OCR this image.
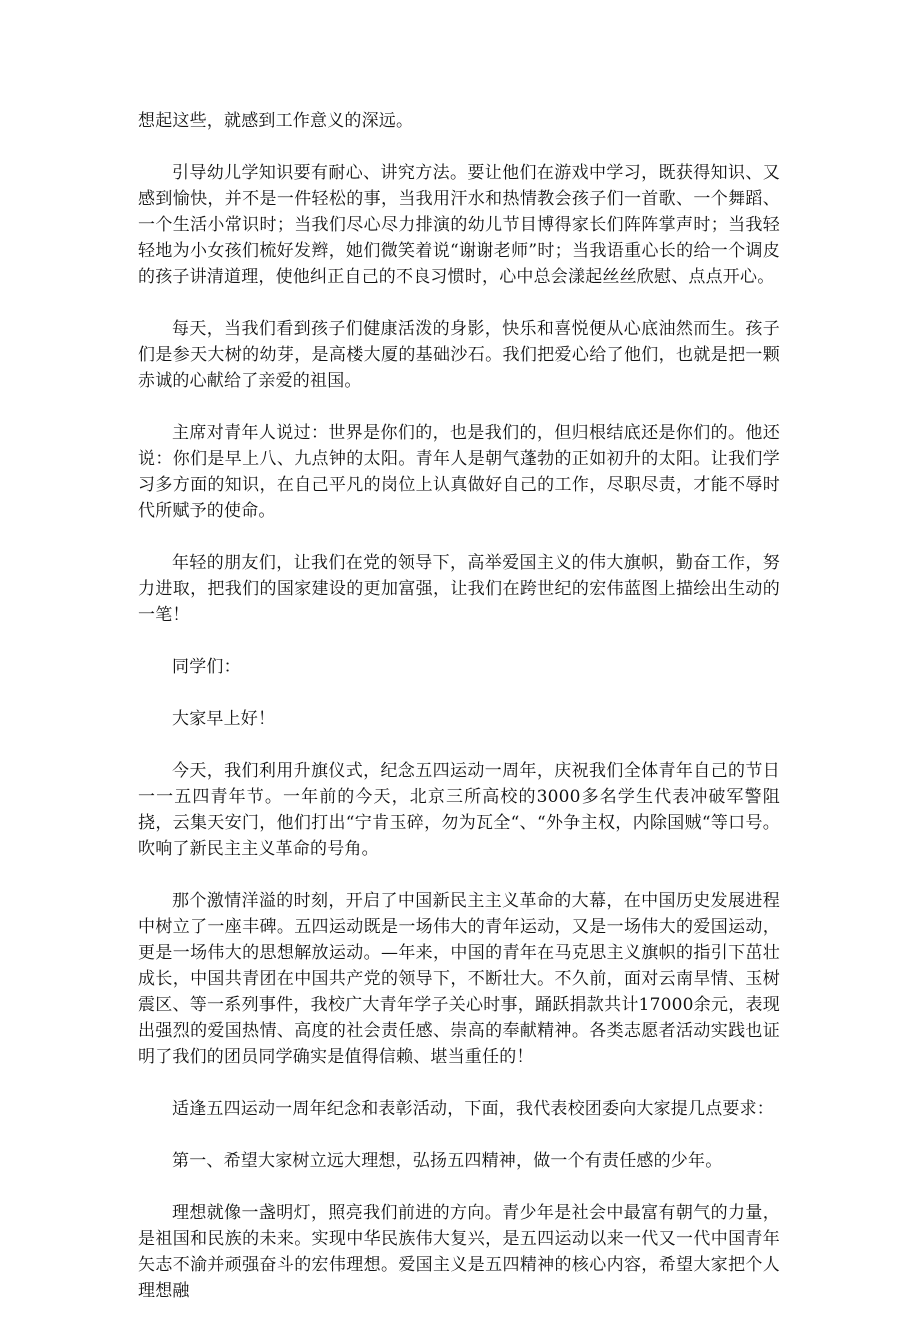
想起这些，就感到工作意义的深远。

引导幼儿学知识要有耐心、讲究方法。要让他们在游戏中学习，既获得知识、又感到愉快，并不是一件轻松的事，当我用汗水和热情教会孩子们一首歌、一个舞蹈、一个生活小常识时；当我们尽心尽力排演的幼儿节目博得家长们阵阵掌声时；当我轻轻地为小女孩们梳好发辫，她们微笑着说“谢谢老师”时；当我语重心长的给一个调皮的孩子讲清道理，使他纠正自己的不良习惯时，心中总会漾起丝丝欣慰、点点开心。

每天，当我们看到孩子们健康活泼的身影，快乐和喜悦便从心底油然而生。孩子们是参天大树的幼芽，是高楼大厦的基础沙石。我们把爱心给了他们，也就是把一颗赤诚的心献给了亲爱的祖国。

主席对青年人说过：世界是你们的，也是我们的，但归根结底还是你们的。他还说：你们是早上八、九点钟的太阳。青年人是朝气蓬勃的正如初升的太阳。让我们学习多方面的知识，在自己平凡的岗位上认真做好自己的工作，尽职尽责，才能不辱时代所赋予的使命。

年轻的朋友们，让我们在党的领导下，高举爱国主义的伟大旗帜，勤奋工作，努力进取，把我们的国家建设的更加富强，让我们在跨世纪的宏伟蓝图上描绘出生动的一笔！

同学们：

大家早上好！

今天，我们利用升旗仪式，纪念五四运动一周年，庆祝我们全体青年自己的节日一一五四青年节。一年前的今天，北京三所高校的3000多名学生代表冲破军警阻挠，云集天安门，他们打出“宁肯玉碎，勿为瓦全“、“外争主权，内除国贼“等口号。吹响了新民主主义革命的号角。

那个激情洋溢的时刻，开启了中国新民主主义革命的大幕，在中国历史发展进程中树立了一座丰碑。五四运动既是一场伟大的青年运动，又是一场伟大的爱国运动，更是一场伟大的思想解放运动。—年来，中国的青年在马克思主义旗帜的指引下茁壮成长，中国共青团在中国共产党的领导下，不断壮大。不久前，面对云南旱情、玉树震区、等一系列事件，我校广大青年学子关心时事，踊跃捐款共计17000余元，表现出强烈的爱国热情、高度的社会责任感、崇高的奉献精神。各类志愿者活动实践也证明了我们的团员同学确实是值得信赖、堪当重任的！

适逢五四运动一周年纪念和表彰活动，下面，我代表校团委向大家提几点要求：

第一、希望大家树立远大理想，弘扬五四精神，做一个有责任感的少年。

理想就像一盏明灯，照亮我们前进的方向。青少年是社会中最富有朝气的力量，是祖国和民族的未来。实现中华民族伟大复兴，是五四运动以来一代又一代中国青年矢志不渝并顽强奋斗的宏伟理想。爱国主义是五四精神的核心内容，希望大家把个人理想融
